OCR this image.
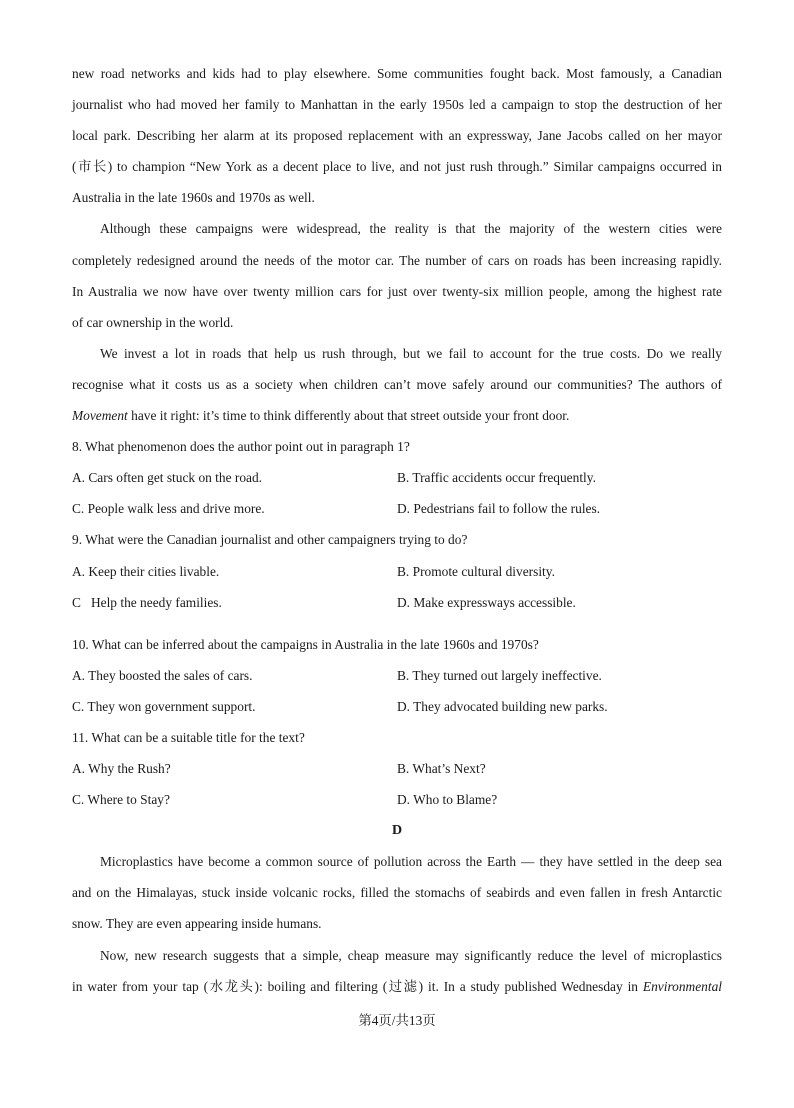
new road networks and kids had to play elsewhere. Some communities fought back. Most famously, a Canadian
journalist who had moved her family to Manhattan in the early 1950s led a campaign to stop the destruction of her
local park. Describing her alarm at its proposed replacement with an expressway, Jane Jacobs called on her mayor
(市长) to champion “New York as a decent place to live, and not just rush through.” Similar campaigns occurred in
Australia in the late 1960s and 1970s as well.
Although these campaigns were widespread, the reality is that the majority of the western cities were
completely redesigned around the needs of the motor car. The number of cars on roads has been increasing rapidly.
In Australia we now have over twenty million cars for just over twenty-six million people, among the highest rate
of car ownership in the world.
We invest a lot in roads that help us rush through, but we fail to account for the true costs. Do we really
recognise what it costs us as a society when children can’t move safely around our communities? The authors of
Movement have it right: it’s time to think differently about that street outside your front door.
8. What phenomenon does the author point out in paragraph 1?
A. Cars often get stuck on the road.	B. Traffic accidents occur frequently.
C. People walk less and drive more.	D. Pedestrians fail to follow the rules.
9. What were the Canadian journalist and other campaigners trying to do?
A. Keep their cities livable.	B. Promote cultural diversity.
C   Help the needy families.	D. Make expressways accessible.
10. What can be inferred about the campaigns in Australia in the late 1960s and 1970s?
A. They boosted the sales of cars.	B. They turned out largely ineffective.
C. They won government support.	D. They advocated building new parks.
11. What can be a suitable title for the text?
A. Why the Rush?	B. What’s Next?
C. Where to Stay?	D. Who to Blame?
D
Microplastics have become a common source of pollution across the Earth — they have settled in the deep sea
and on the Himalayas, stuck inside volcanic rocks, filled the stomachs of seabirds and even fallen in fresh Antarctic
snow. They are even appearing inside humans.
Now, new research suggests that a simple, cheap measure may significantly reduce the level of microplastics
in water from your tap (水龙头): boiling and filtering (过滤) it. In a study published Wednesday in Environmental
第4页/共13页
